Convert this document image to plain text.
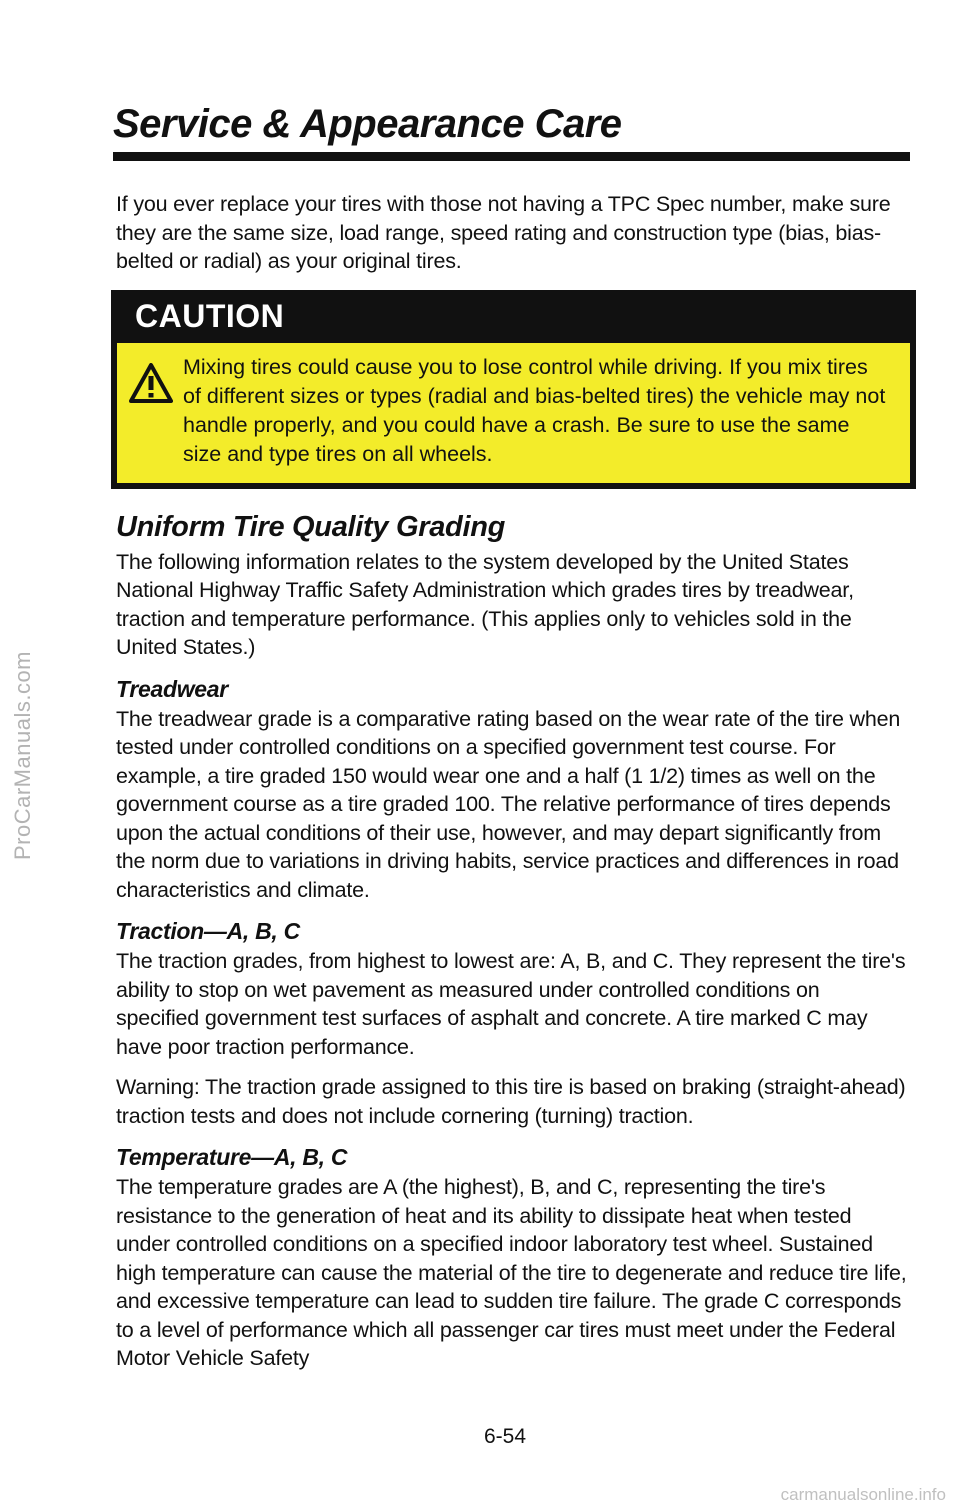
ProCarManuals.com
Service & Appearance Care

If you ever replace your tires with those not having a TPC Spec number, make sure they are the same size, load range, speed rating and construction type (bias, bias-belted or radial) as your original tires.

CAUTION
Mixing tires could cause you to lose control while driving. If you mix tires of different sizes or types (radial and bias-belted tires) the vehicle may not handle properly, and you could have a crash. Be sure to use the same size and type tires on all wheels.
Uniform Tire Quality Grading

The following information relates to the system developed by the United States National Highway Traffic Safety Administration which grades tires by treadwear, traction and temperature performance. (This applies only to vehicles sold in the United States.)

Treadwear

The treadwear grade is a comparative rating based on the wear rate of the tire when tested under controlled conditions on a specified government test course. For example, a tire graded 150 would wear one and a half (1 1/2) times as well on the government course as a tire graded 100. The relative performance of tires depends upon the actual conditions of their use, however, and may depart significantly from the norm due to variations in driving habits, service practices and differences in road characteristics and climate.

Traction—A, B, C

The traction grades, from highest to lowest are: A, B, and C. They represent the tire's ability to stop on wet pavement as measured under controlled conditions on specified government test surfaces of asphalt and concrete. A tire marked C may have poor traction performance.

Warning: The traction grade assigned to this tire is based on braking (straight-ahead) traction tests and does not include cornering (turning) traction.

Temperature—A, B, C

The temperature grades are A (the highest), B, and C, representing the tire's resistance to the generation of heat and its ability to dissipate heat when tested under controlled conditions on a specified indoor laboratory test wheel. Sustained high temperature can cause the material of the tire to degenerate and reduce tire life, and excessive temperature can lead to sudden tire failure. The grade C corresponds to a level of performance which all passenger car tires must meet under the Federal Motor Vehicle Safety

6-54
carmanualsonline.info
